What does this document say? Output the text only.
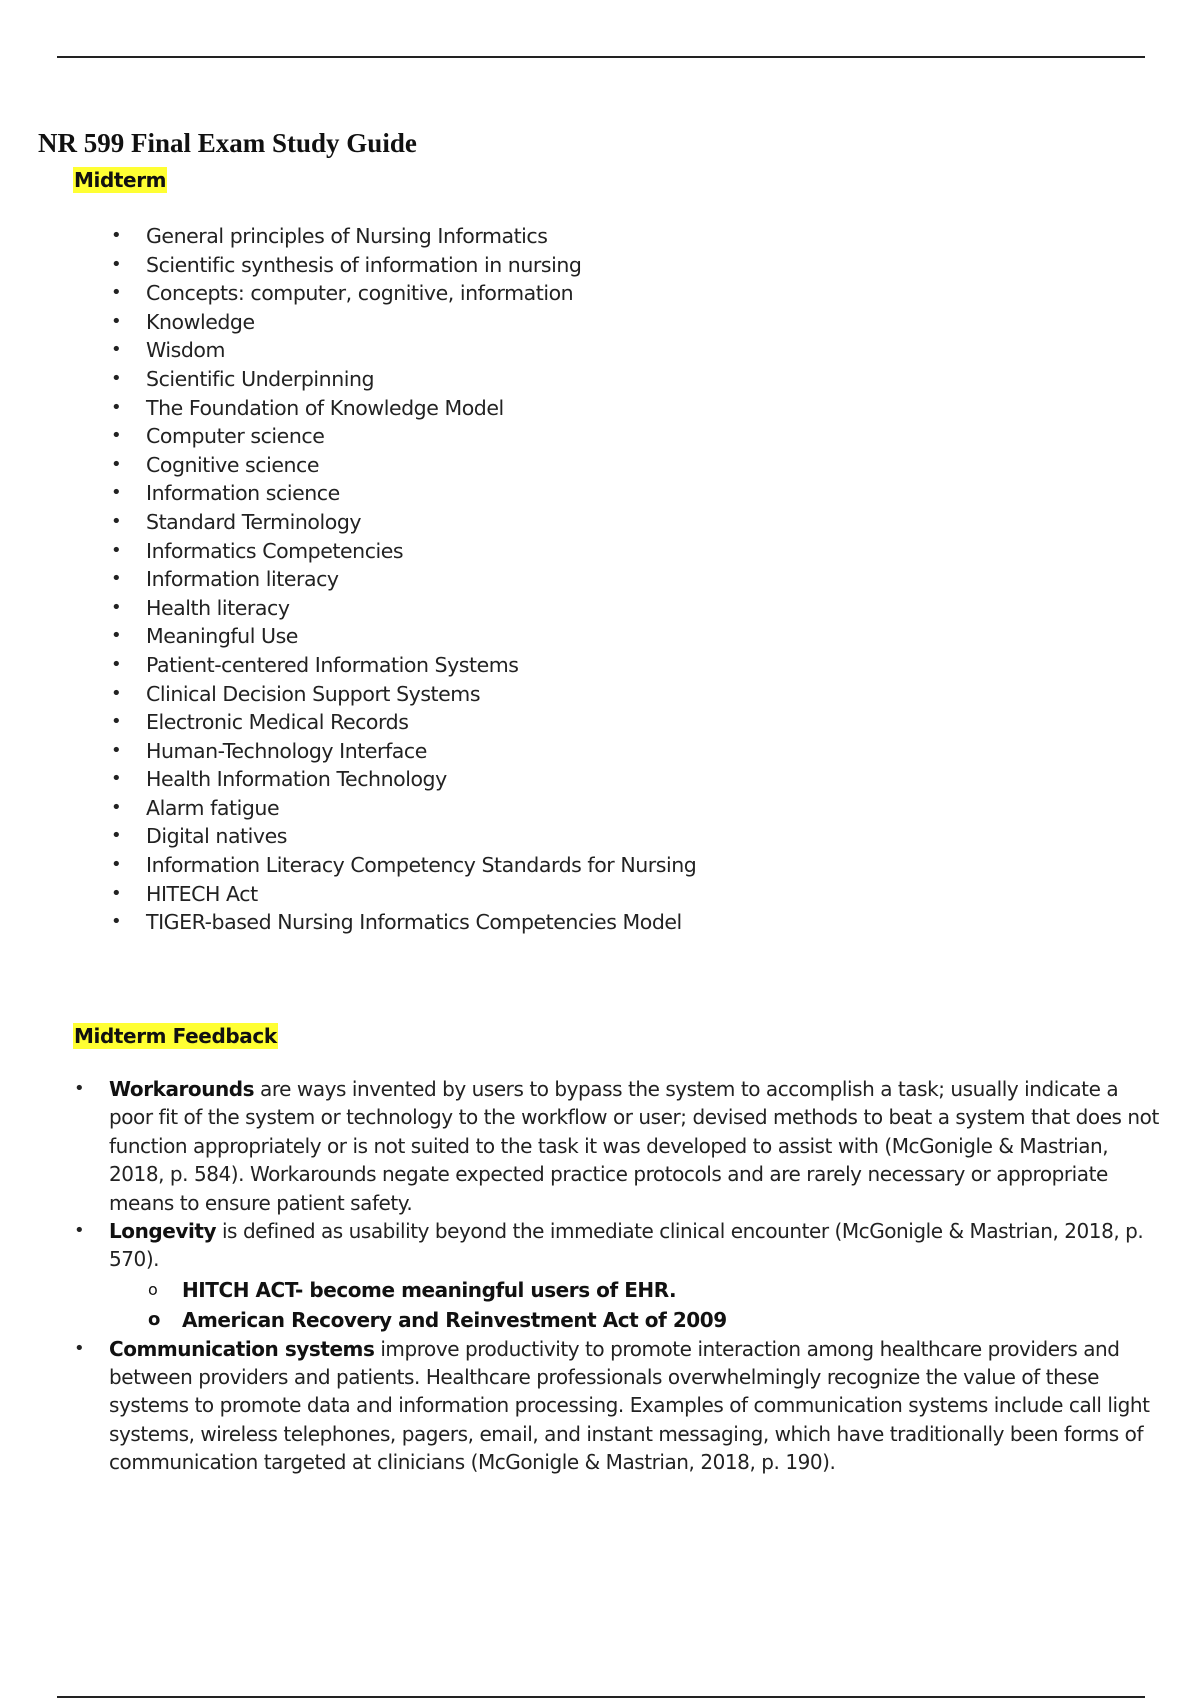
NR 599 Final Exam Study Guide
Midterm
• General principles of Nursing Informatics
• Scientific synthesis of information in nursing
• Concepts: computer, cognitive, information
• Knowledge
• Wisdom
• Scientific Underpinning
• The Foundation of Knowledge Model
• Computer science
• Cognitive science
• Information science
• Standard Terminology
• Informatics Competencies
• Information literacy
• Health literacy
• Meaningful Use
• Patient-centered Information Systems
• Clinical Decision Support Systems
• Electronic Medical Records
• Human-Technology Interface
• Health Information Technology
• Alarm fatigue
• Digital natives
• Information Literacy Competency Standards for Nursing
• HITECH Act
• TIGER-based Nursing Informatics Competencies Model
Midterm Feedback

• Workarounds are ways invented by users to bypass the system to accomplish a task; usually indicate a poor fit of the system or technology to the workflow or user; devised methods to beat a system that does not function appropriately or is not suited to the task it was developed to assist with (McGonigle & Mastrian, 2018, p. 584). Workarounds negate expected practice protocols and are rarely necessary or appropriate means to ensure patient safety.

• Longevity is defined as usability beyond the immediate clinical encounter (McGonigle & Mastrian, 2018, p. 570).

o HITCH ACT- become meaningful users of EHR.

o American Recovery and Reinvestment Act of 2009

• Communication systems improve productivity to promote interaction among healthcare providers and between providers and patients. Healthcare professionals overwhelmingly recognize the value of these systems to promote data and information processing. Examples of communication systems include call light systems, wireless telephones, pagers, email, and instant messaging, which have traditionally been forms of communication targeted at clinicians (McGonigle & Mastrian, 2018, p. 190).
